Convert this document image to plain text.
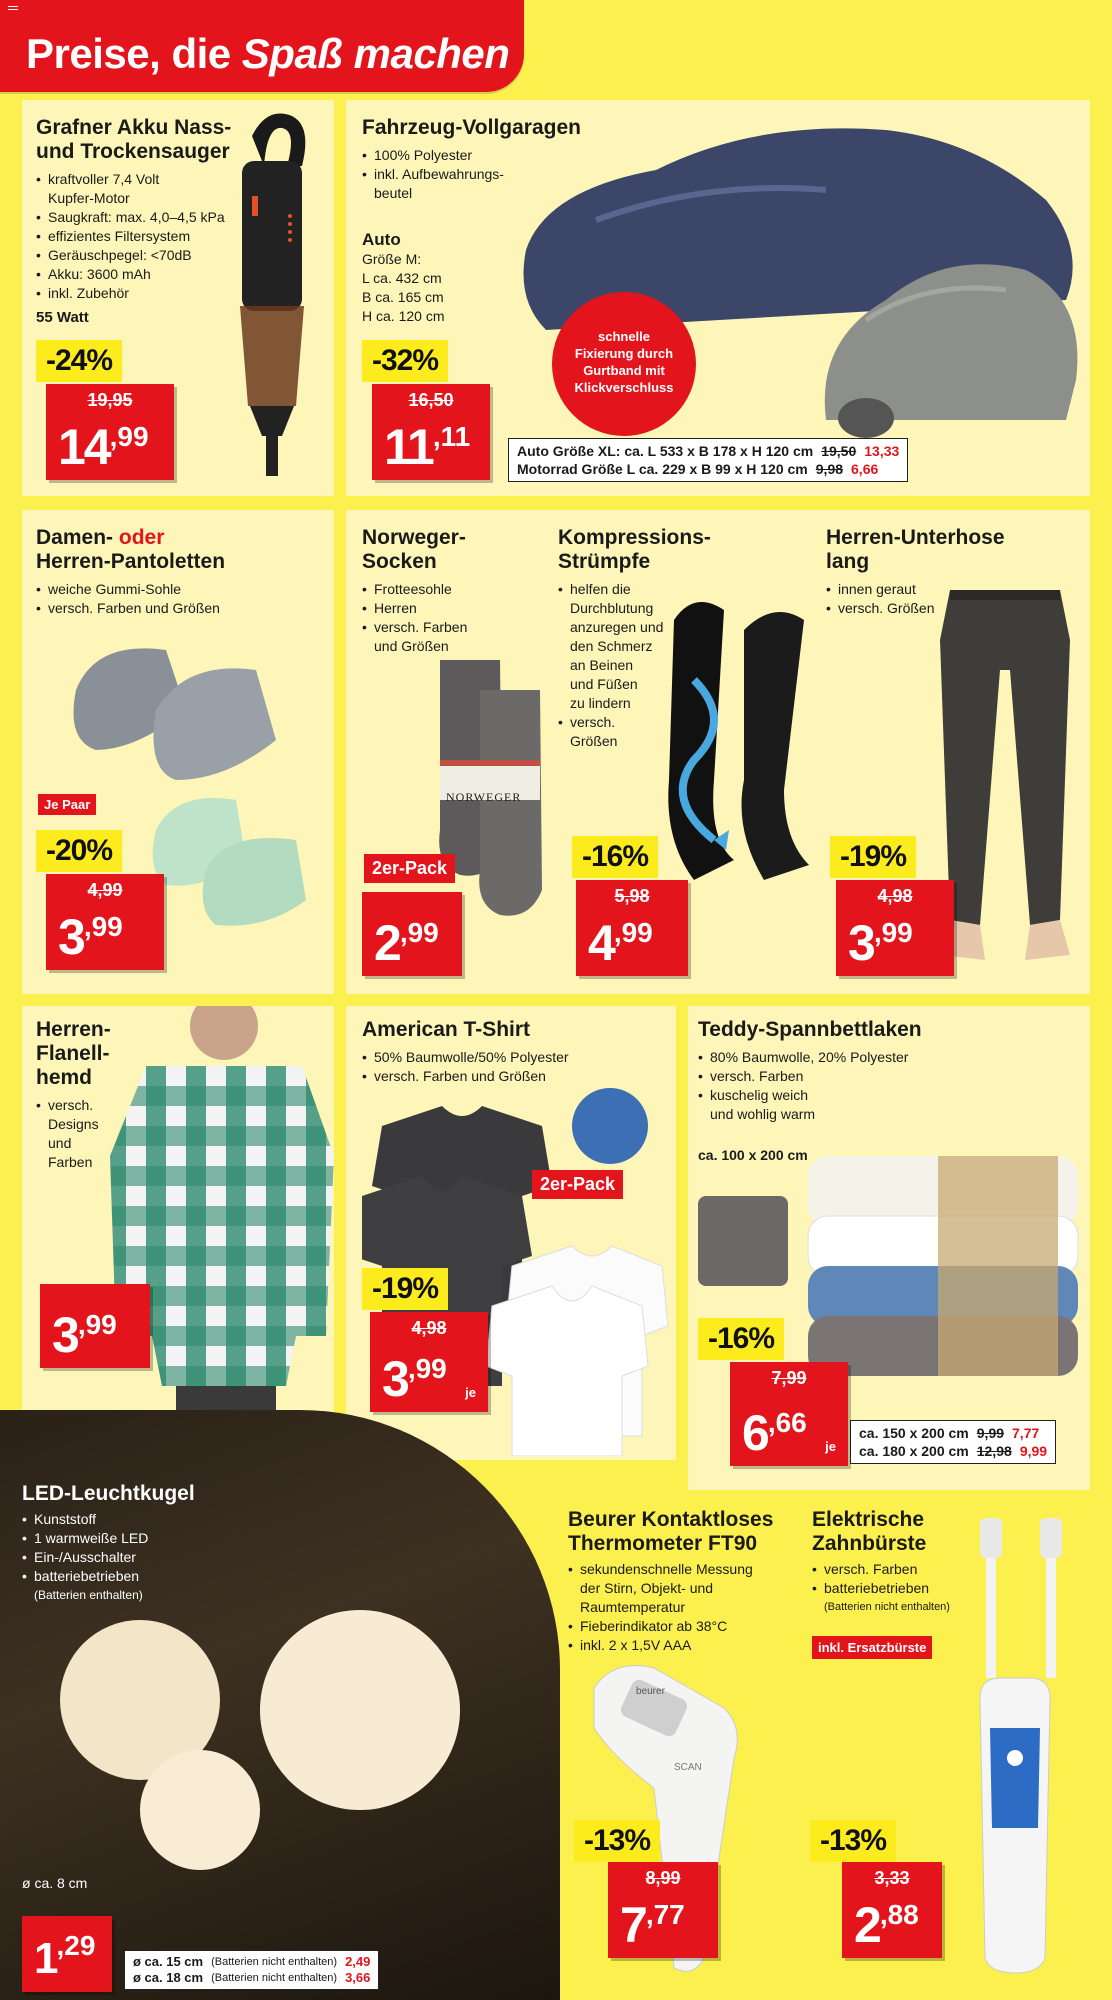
Preise, die Spaß machen
Grafner Akku Nass-
und Trockensauger
• kraftvoller 7,4 Volt
Kupfer-Motor
• Saugkraft: max. 4,0–4,5 kPa
• effizientes Filtersystem
• Geräuschpegel: <70dB
• Akku: 3600 mAh
• inkl. Zubehör
55 Watt
-24%
19,95
$14^{,99}$
Fahrzeug-Vollgaragen
• 100% Polyester
• inkl. Aufbewahrungs-
beutel
Auto
Größe M:
L ca. 432 cm
B ca. 165 cm
H ca. 120 cm
schnelle
Fixierung durch
Gurtband mit
Klickverschluss
-32%
16,50
$11^{,11}$	Auto Größe XL: ca. L 533 x B 178 x H 120 cm 19,50 13,33
Motorrad Größe L ca. 229 x B 99 x H 120 cm 9,98 6,66
Damen- oder
Herren-Pantoletten
• weiche Gummi-Sohle
• versch. Farben und Größen
Je Paar
-20%
4,99
$3^{,99}$
Norweger-
Socken
• Frotteesohle
• Herren
• versch. Farben
und Größen
NORWEGER
2er-Pack
$2^{,99}$
Kompressions-
Strümpfe
• helfen die
Durchblutung
anzuregen und
den Schmerz
an Beinen
und Füßen
zu lindern
• versch.
Größen
-16%
5,98
$4^{,99}$
Herren-Unterhose
lang
• innen geraut
• versch. Größen
-19%
4,98
$3^{,99}$
Herren-
Flanell-
hemd
• versch.
Designs
und
Farben
$3^{,99}$
American T-Shirt
• 50% Baumwolle/50% Polyester
• versch. Farben und Größen
2er-Pack
-19%
4,98
$3^{,99}$
je
Teddy-Spannbettlaken
• 80% Baumwolle, 20% Polyester
• versch. Farben
• kuschelig weich
und wohlig warm
ca. 100 x 200 cm
-16%
7,99
$6^{,66}$
je
ca. 150 x 200 cm 9,99 7,77
ca. 180 x 200 cm 12,98 9,99
LED-Leuchtkugel
• Kunststoff
• 1 warmweiße LED
• Ein-/Ausschalter
• batteriebetrieben
(Batterien enthalten)
ø ca. 8 cm
$1^{,29}$
ø ca. 15 cm (Batterien nicht enthalten) 2,49
ø ca. 18 cm (Batterien nicht enthalten) 3,66
Beurer Kontaktloses
Thermometer FT90
• sekundenschnelle Messung
der Stirn, Objekt- und
Raumtemperatur
• Fieberindikator ab 38°C
• inkl. 2 x 1,5V AAA
beurer
SCAN
-13%
8,99
$7^{,77}$
Elektrische
Zahnbürste
• versch. Farben
• batteriebetrieben
(Batterien nicht enthalten)
inkl. Ersatzbürste
-13%
3,33
$2^{,88}$
